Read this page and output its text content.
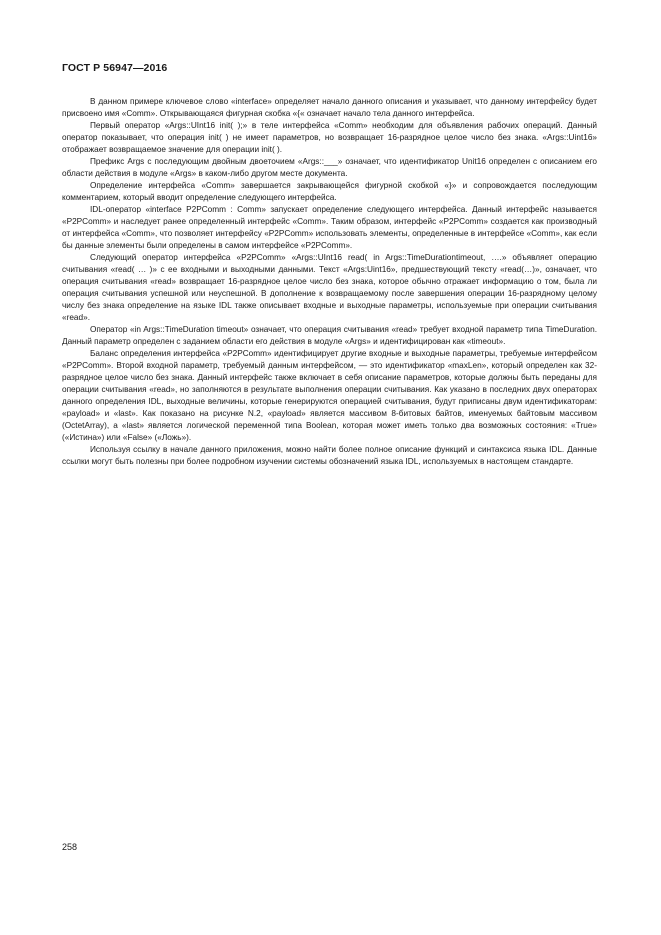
ГОСТ Р 56947—2016

В данном примере ключевое слово «interface» определяет начало данного описания и указывает, что данному интерфейсу будет присвоено имя «Comm». Открывающаяся фигурная скобка «{« означает начало тела данного интерфейса.

Первый оператор «Args::UInt16 init( );» в теле интерфейса «Comm» необходим для объявления рабочих операций. Данный оператор показывает, что операция init( ) не имеет параметров, но возвращает 16-разрядное целое число без знака. «Args::Uint16» отображает возвращаемое значение для операции init( ).

Префикс Args с последующим двойным двоеточием «Args::___» означает, что идентификатор Unit16 определен с описанием его области действия в модуле «Args» в каком-либо другом месте документа.

Определение интерфейса «Comm» завершается закрывающейся фигурной скобкой «}» и сопровождается последующим комментарием, который вводит определение следующего интерфейса.

IDL-оператор «interface P2PComm : Comm» запускает определение следующего интерфейса. Данный интерфейс называется «P2PComm» и наследует ранее определенный интерфейс «Comm». Таким образом, интерфейс «P2PComm» создается как производный от интерфейса «Comm», что позволяет интерфейсу «P2PComm» использовать элементы, определенные в интерфейсе «Comm», как если бы данные элементы были определены в самом интерфейсе «P2PComm».

Следующий оператор интерфейса «P2PComm» «Args::UInt16 read( in Args::TimeDurationtimeout, ….» объявляет операцию считывания «read( … )» с ее входными и выходными данными. Текст «Args:Uint16», предшествующий тексту «read(…)», означает, что операция считывания «read» возвращает 16-разрядное целое число без знака, которое обычно отражает информацию о том, была ли операция считывания успешной или неуспешной. В дополнение к возвращаемому после завершения операции 16-разрядному целому числу без знака определение на языке IDL также описывает входные и выходные параметры, используемые при операции считывания «read».

Оператор «in Args::TimeDuration timeout» означает, что операция считывания «read» требует входной параметр типа TimeDuration. Данный параметр определен с заданием области его действия в модуле «Args» и идентифицирован как «timeout».

Баланс определения интерфейса «P2PComm» идентифицирует другие входные и выходные параметры, требуемые интерфейсом «P2PComm». Второй входной параметр, требуемый данным интерфейсом, — это идентификатор «maxLen», который определен как 32-разрядное целое число без знака. Данный интерфейс также включает в себя описание параметров, которые должны быть переданы для операции считывания «read», но заполняются в результате выполнения операции считывания. Как указано в последних двух операторах данного определения IDL, выходные величины, которые генерируются операцией считывания, будут приписаны двум идентификаторам: «payload» и «last». Как показано на рисунке N.2, «payload» является массивом 8-битовых байтов, именуемых байтовым массивом (OctetArray), а «last» является логической переменной типа Boolean, которая может иметь только два возможных состояния: «True» («Истина») или «False» («Ложь»).

Используя ссылку в начале данного приложения, можно найти более полное описание функций и синтаксиса языка IDL. Данные ссылки могут быть полезны при более подробном изучении системы обозначений языка IDL, используемых в настоящем стандарте.

258
